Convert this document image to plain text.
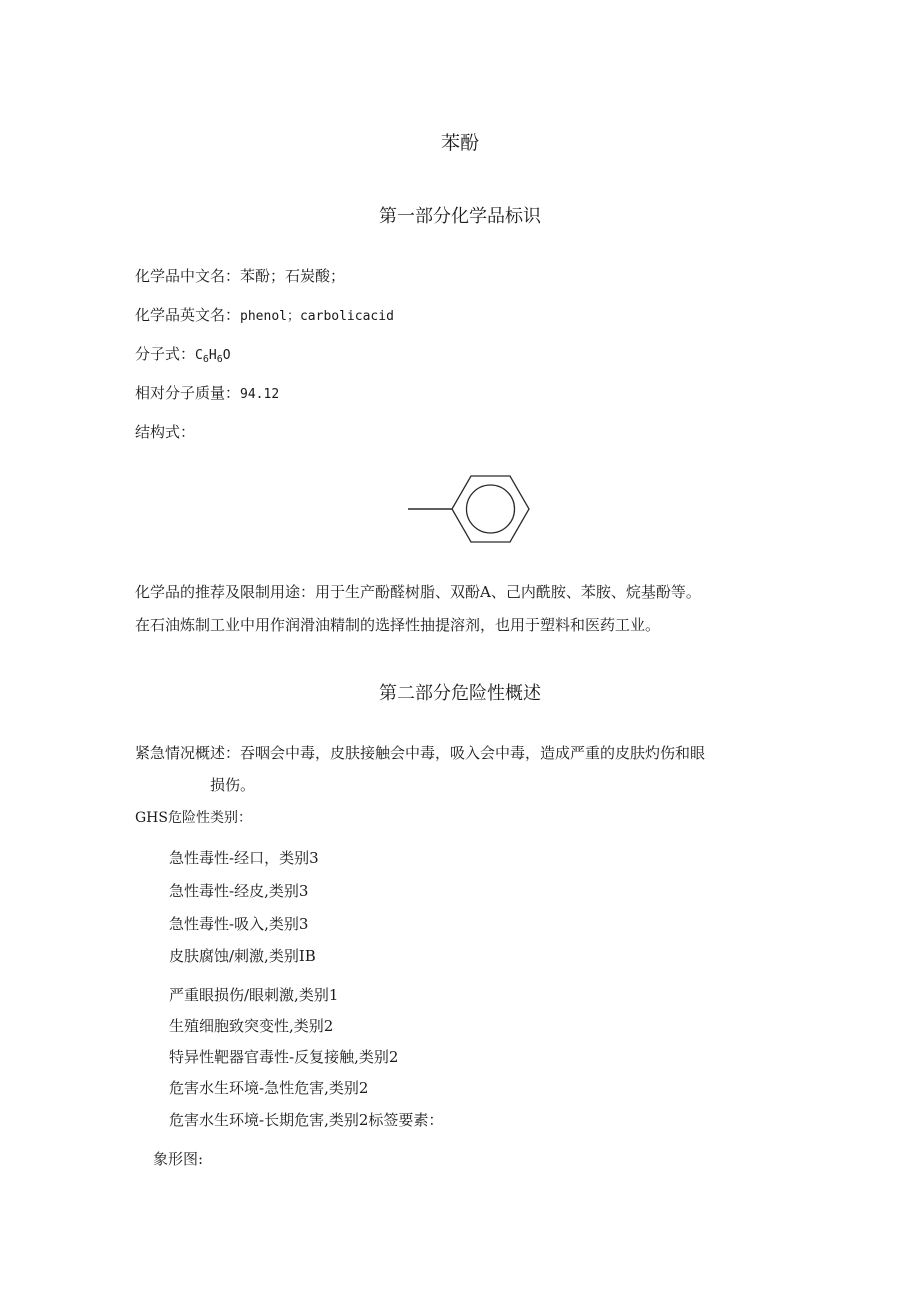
苯酚
第一部分化学品标识
化学品中文名：苯酚；石炭酸；
化学品英文名：phenol；carbolicacid
分子式：$C_6H_6O$
相对分子质量：94.12
结构式：
化学品的推荐及限制用途：用于生产酚醛树脂、双酚A、己内酰胺、苯胺、烷基酚等。
在石油炼制工业中用作润滑油精制的选择性抽提溶剂，也用于塑料和医药工业。
第二部分危险性概述
紧急情况概述：吞咽会中毒，皮肤接触会中毒，吸入会中毒，造成严重的皮肤灼伤和眼
损伤。
GHS危险性类别：
急性毒性-经口，类别3
急性毒性-经皮,类别3
急性毒性-吸入,类别3
皮肤腐蚀/刺激,类别IB
严重眼损伤/眼刺激,类别1
生殖细胞致突变性,类别2
特异性靶器官毒性-反复接触,类别2
危害水生环境-急性危害,类别2
危害水生环境-长期危害,类别2标签要素：
象形图:
